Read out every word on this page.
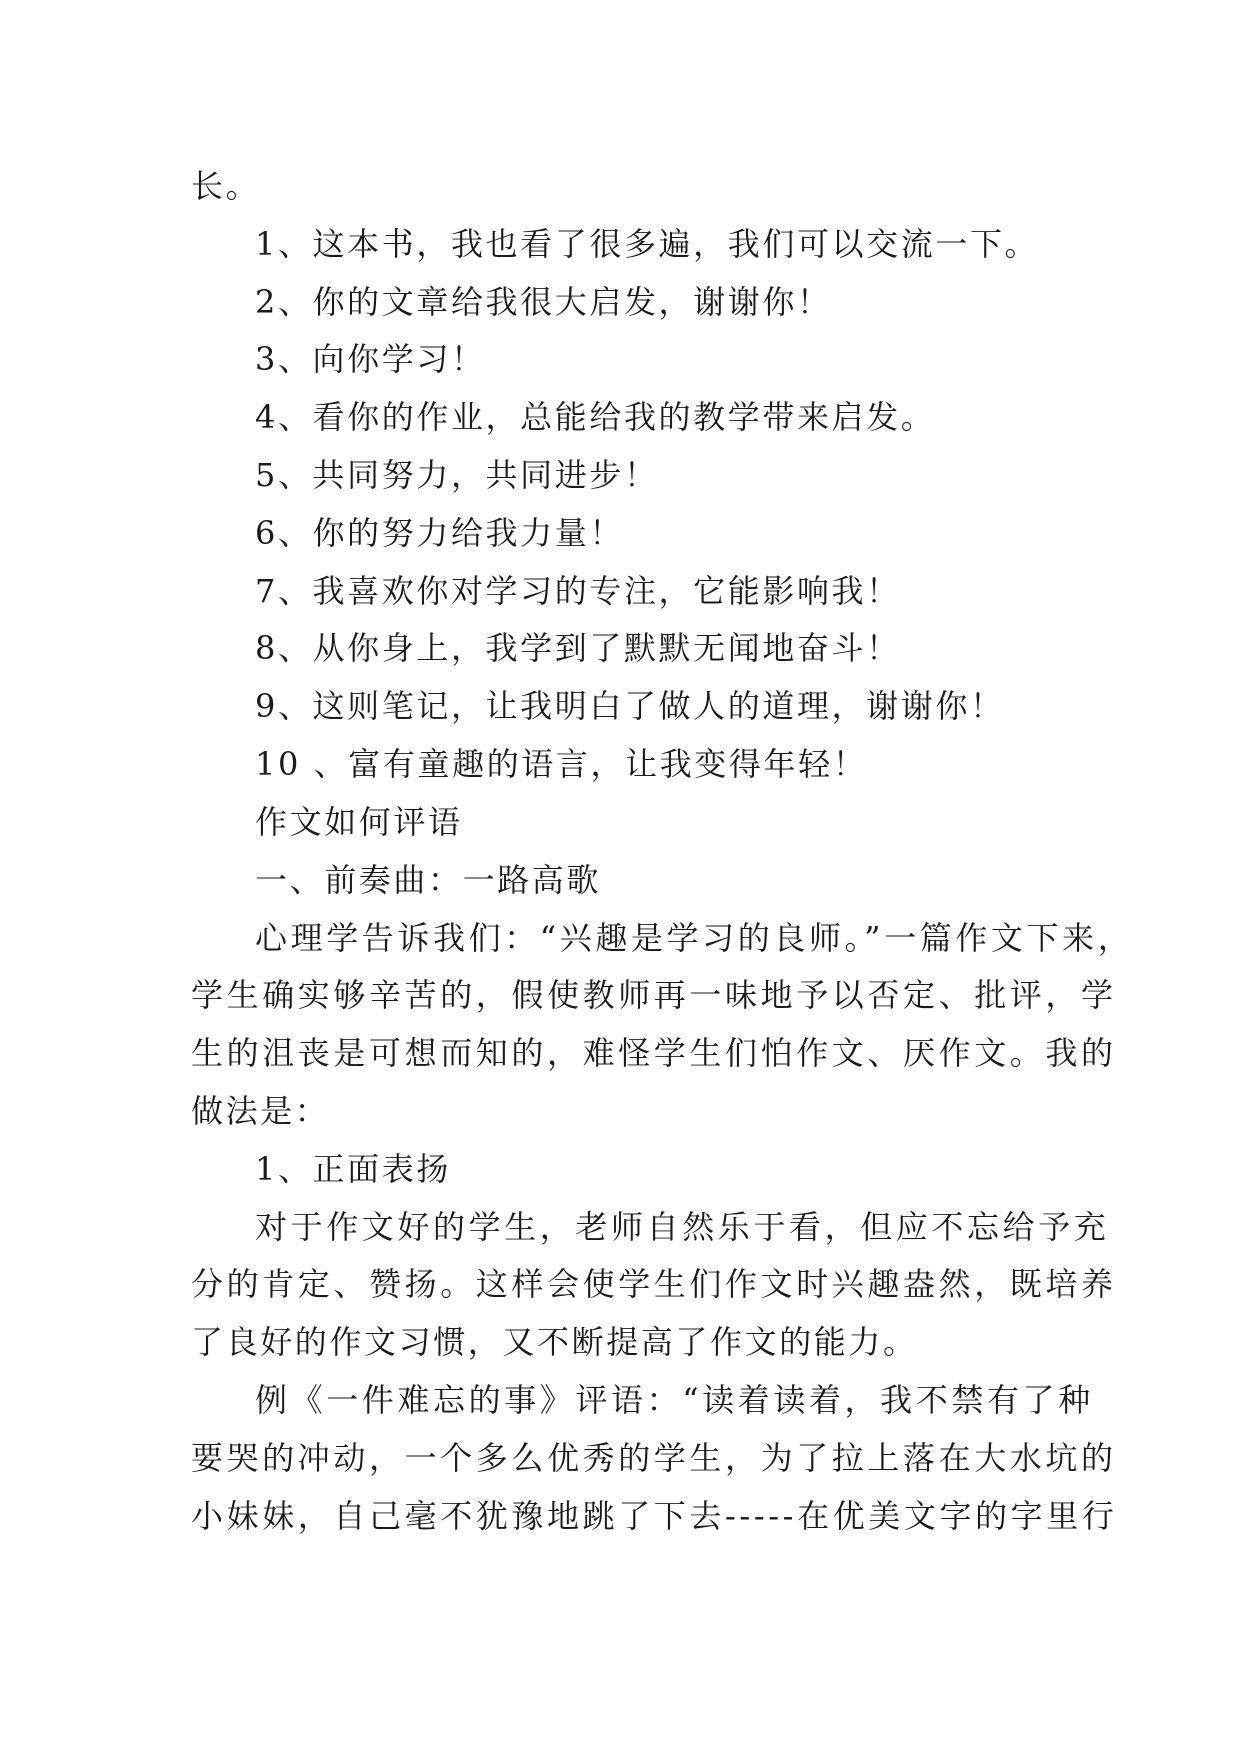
长。
1、这本书，我也看了很多遍，我们可以交流一下。
2、你的文章给我很大启发，谢谢你！
3、向你学习！
4、看你的作业，总能给我的教学带来启发。
5、共同努力，共同进步！
6、你的努力给我力量！
7、我喜欢你对学习的专注，它能影响我！
8、从你身上，我学到了默默无闻地奋斗！
9、这则笔记，让我明白了做人的道理，谢谢你！
10 、富有童趣的语言，让我变得年轻！
作文如何评语
一、前奏曲：一路高歌
心理学告诉我们：“兴趣是学习的良师。”一篇作文下来，
学生确实够辛苦的，假使教师再一味地予以否定、批评，学
生的沮丧是可想而知的，难怪学生们怕作文、厌作文。我的
做法是：
1、正面表扬
对于作文好的学生，老师自然乐于看，但应不忘给予充
分的肯定、赞扬。这样会使学生们作文时兴趣盎然，既培养
了良好的作文习惯，又不断提高了作文的能力。
例《一件难忘的事》评语：“读着读着，我不禁有了种
要哭的冲动，一个多么优秀的学生，为了拉上落在大水坑的
小妹妹，自己毫不犹豫地跳了下去-----在优美文字的字里行
